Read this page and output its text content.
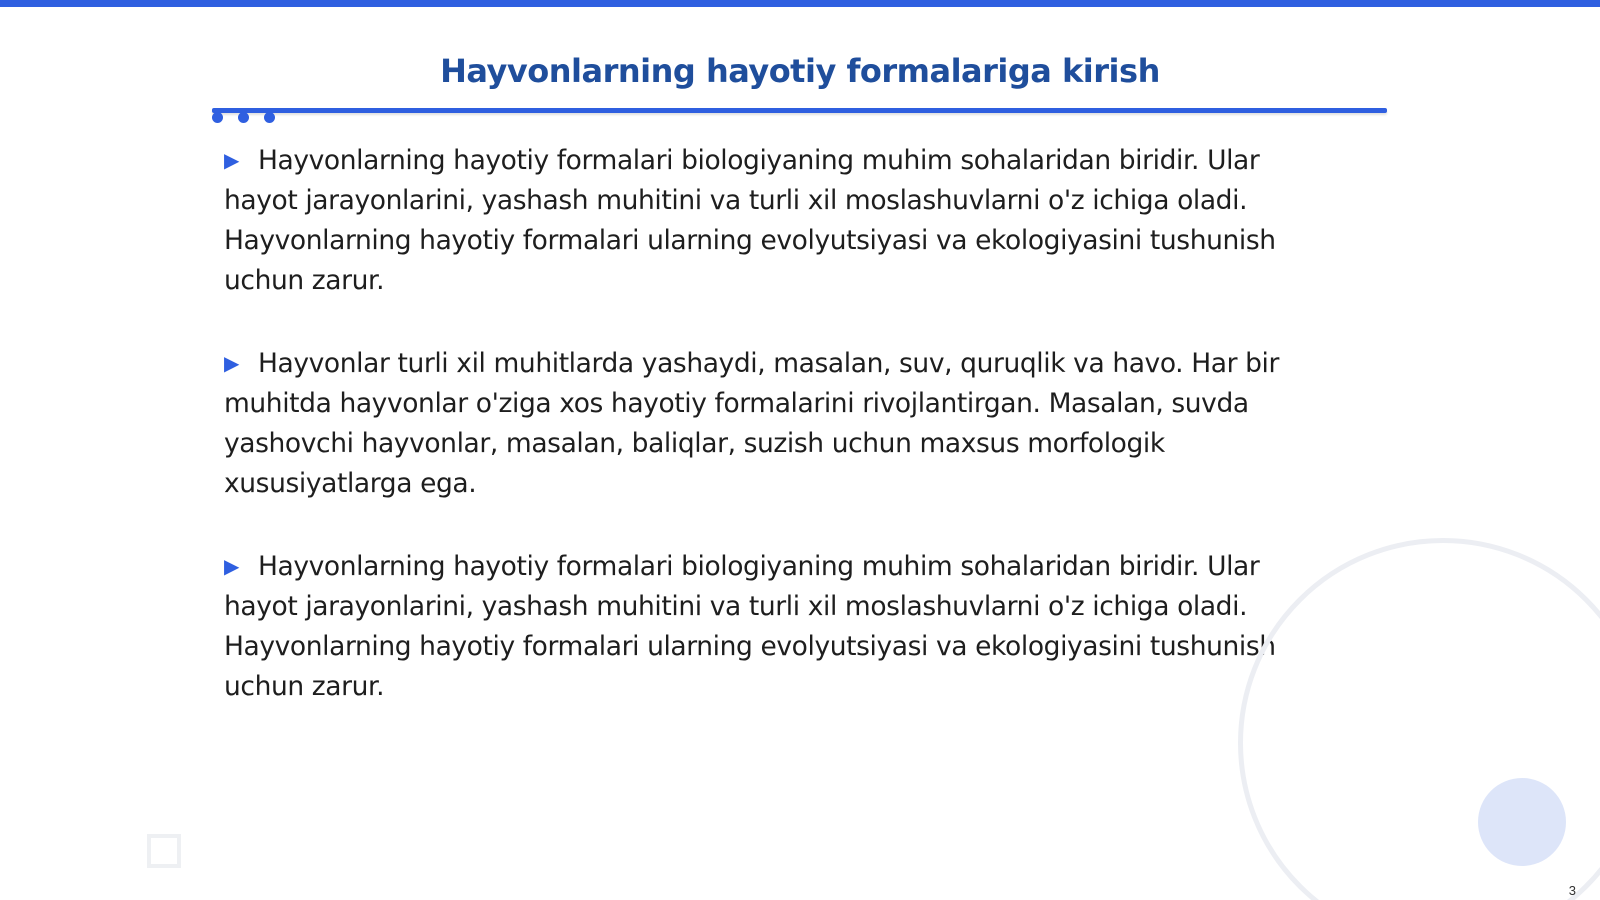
Hayvonlarning hayotiy formalariga kirish

▶ Hayvonlarning hayotiy formalari biologiyaning muhim sohalaridan biridir. Ular hayot jarayonlarini, yashash muhitini va turli xil moslashuvlarni o'z ichiga oladi. Hayvonlarning hayotiy formalari ularning evolyutsiyasi va ekologiyasini tushunish uchun zarur.

▶ Hayvonlar turli xil muhitlarda yashaydi, masalan, suv, quruqlik va havo. Har bir muhitda hayvonlar o'ziga xos hayotiy formalarini rivojlantirgan. Masalan, suvda yashovchi hayvonlar, masalan, baliqlar, suzish uchun maxsus morfologik xususiyatlarga ega.

▶ Hayvonlarning hayotiy formalari biologiyaning muhim sohalaridan biridir. Ular hayot jarayonlarini, yashash muhitini va turli xil moslashuvlarni o'z ichiga oladi. Hayvonlarning hayotiy formalari ularning evolyutsiyasi va ekologiyasini tushunish uchun zarur.

3
